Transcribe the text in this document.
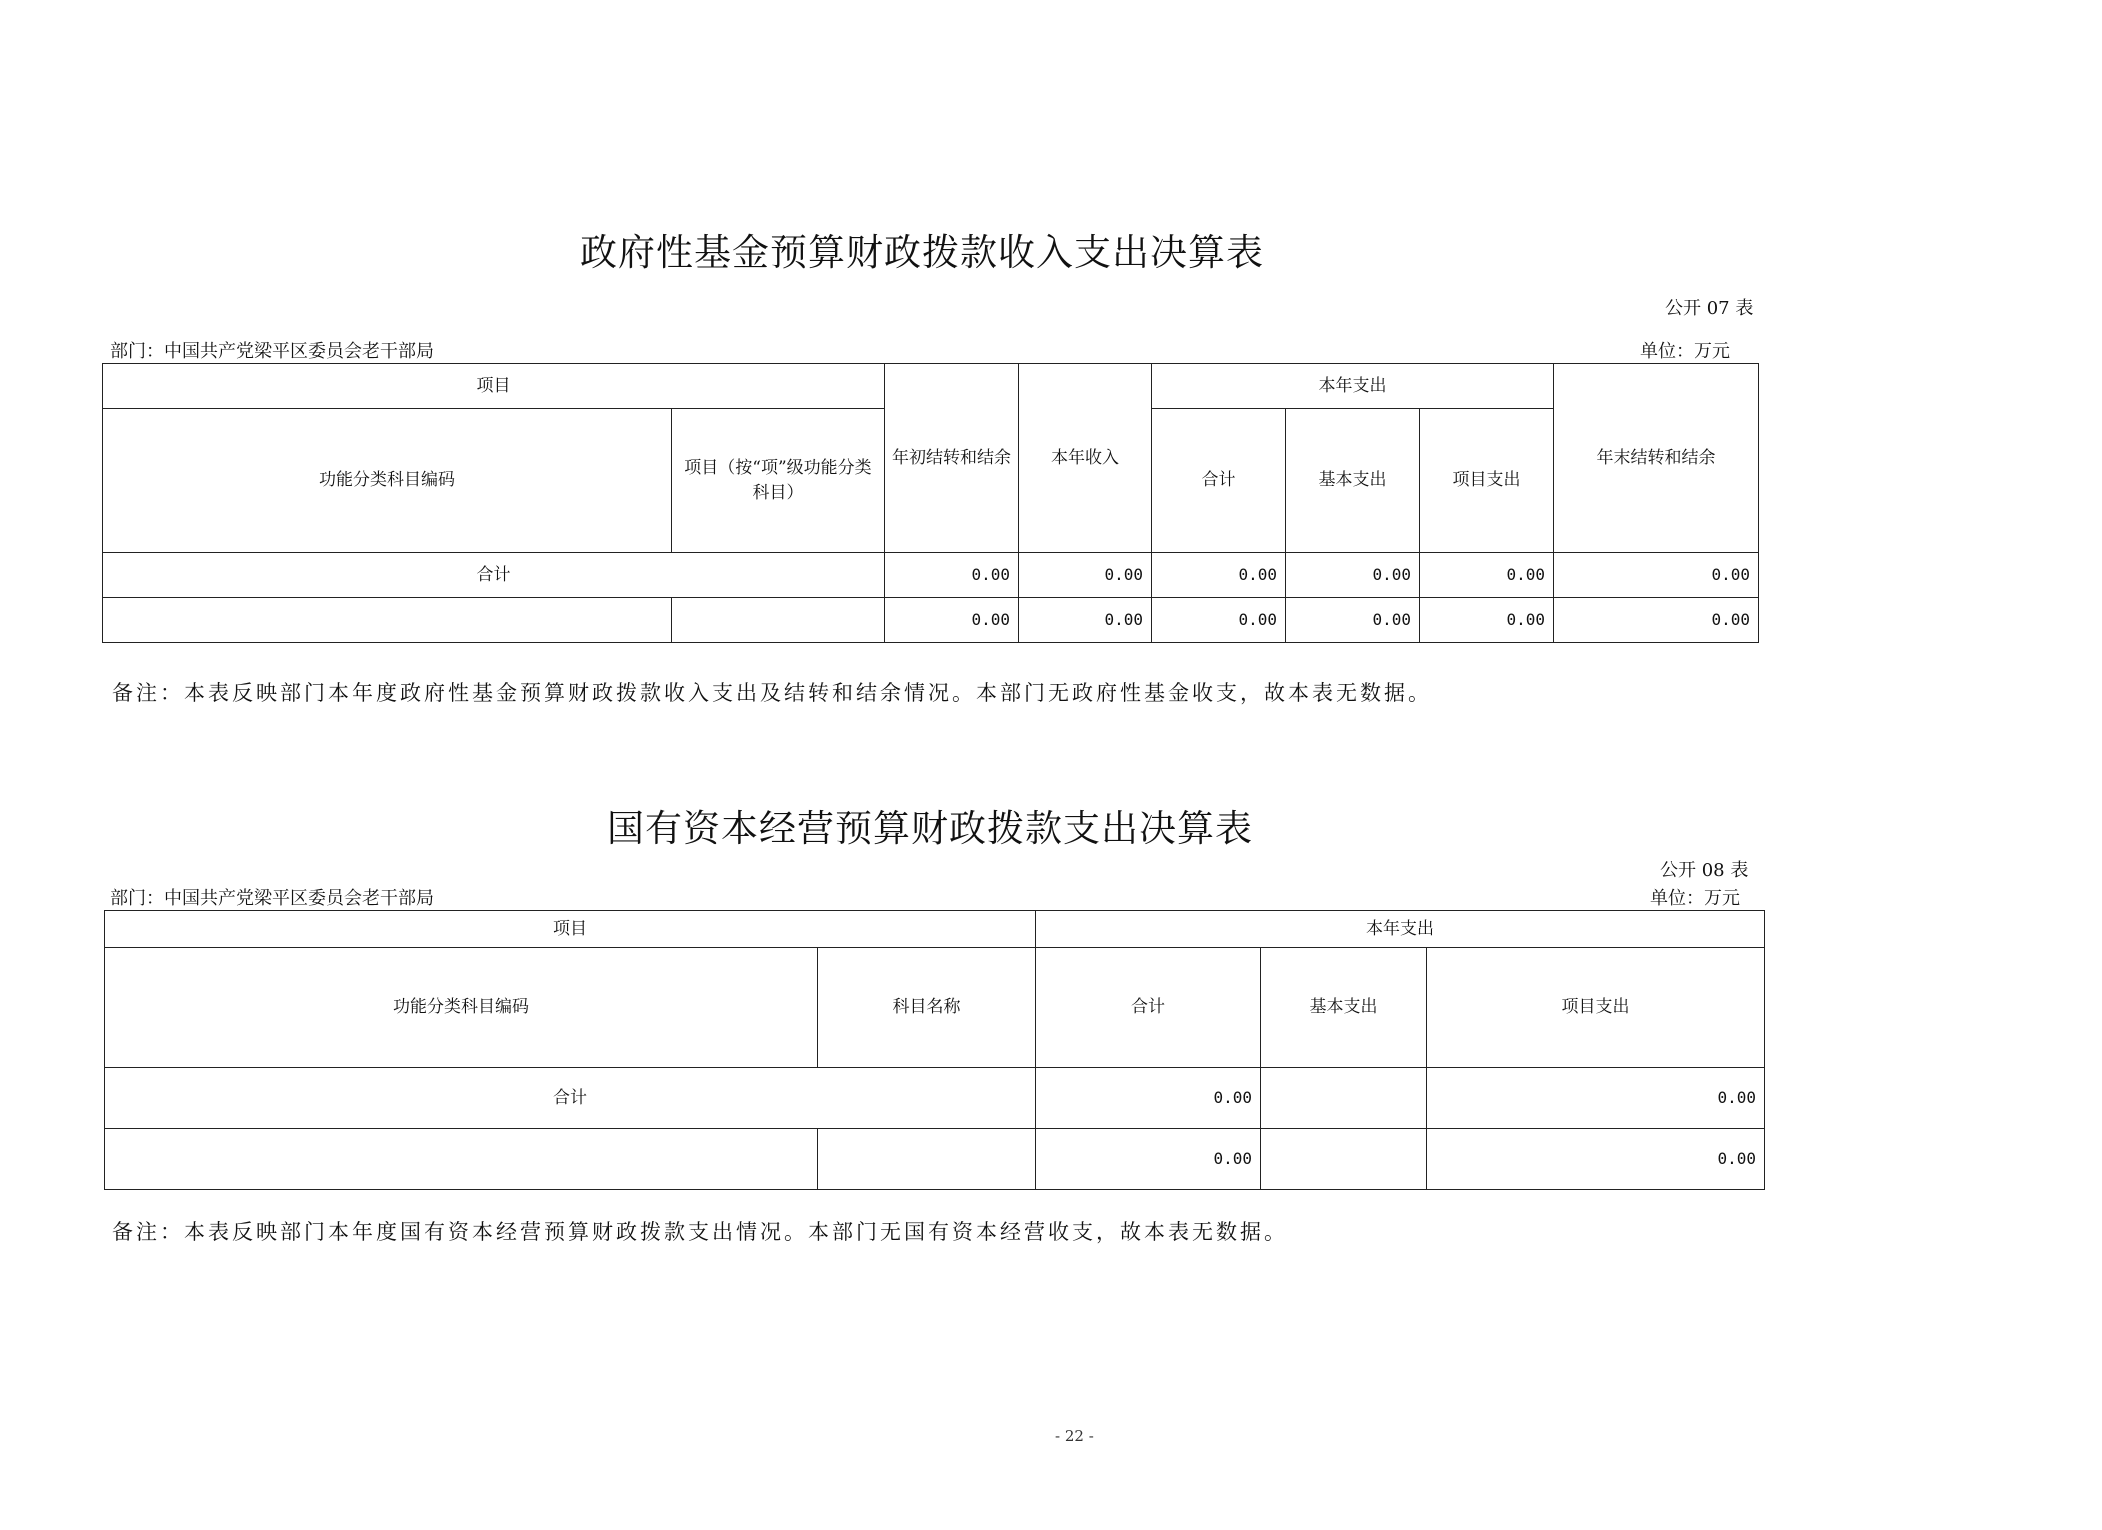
政府性基金预算财政拨款收入支出决算表
公开 07 表
部门：中国共产党梁平区委员会老干部局	单位：万元
项目		年初结转和结余	本年收入	本年支出			年末结转和结余
功能分类科目编码	项目（按“项”级功能分类科目）			合计	基本支出	项目支出	
合计		0.00	0.00	0.00	0.00	0.00	0.00
		0.00	0.00	0.00	0.00	0.00	0.00
备注：本表反映部门本年度政府性基金预算财政拨款收入支出及结转和结余情况。本部门无政府性基金收支，故本表无数据。
国有资本经营预算财政拨款支出决算表
公开 08 表
部门：中国共产党梁平区委员会老干部局	单位：万元
项目		本年支出		
功能分类科目编码	科目名称	合计	基本支出	项目支出
合计		0.00		0.00
		0.00		0.00
备注：本表反映部门本年度国有资本经营预算财政拨款支出情况。本部门无国有资本经营收支，故本表无数据。
- 22 -
